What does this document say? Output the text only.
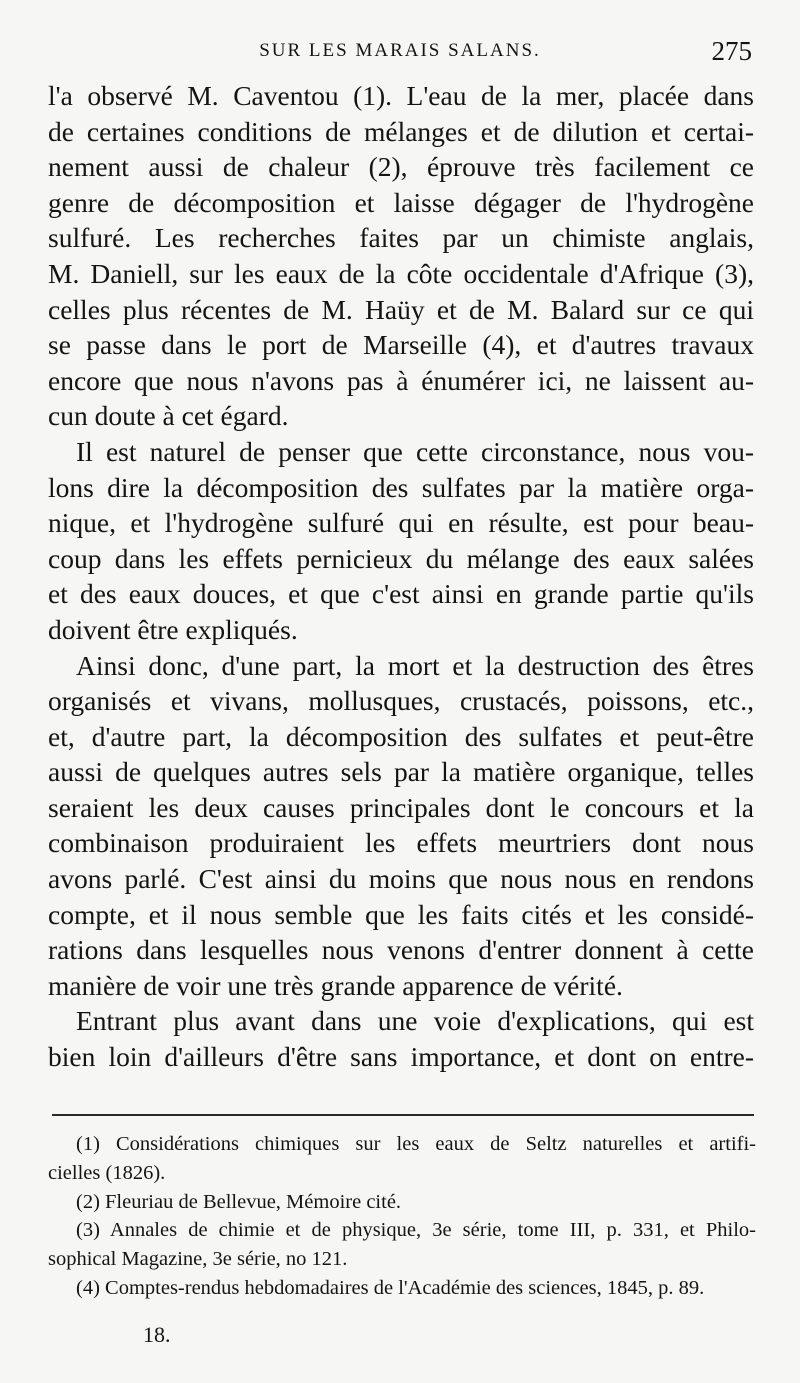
SUR LES MARAIS SALANS.	275
l'a observé M. Caventou (1). L'eau de la mer, placée dans
de certaines conditions de mélanges et de dilution et certai-
nement aussi de chaleur (2), éprouve très facilement ce
genre de décomposition et laisse dégager de l'hydrogène
sulfuré. Les recherches faites par un chimiste anglais,
M. Daniell, sur les eaux de la côte occidentale d'Afrique (3),
celles plus récentes de M. Haüy et de M. Balard sur ce qui
se passe dans le port de Marseille (4), et d'autres travaux
encore que nous n'avons pas à énumérer ici, ne laissent au-
cun doute à cet égard.
Il est naturel de penser que cette circonstance, nous vou-
lons dire la décomposition des sulfates par la matière orga-
nique, et l'hydrogène sulfuré qui en résulte, est pour beau-
coup dans les effets pernicieux du mélange des eaux salées
et des eaux douces, et que c'est ainsi en grande partie qu'ils
doivent être expliqués.
Ainsi donc, d'une part, la mort et la destruction des êtres
organisés et vivans, mollusques, crustacés, poissons, etc.,
et, d'autre part, la décomposition des sulfates et peut-être
aussi de quelques autres sels par la matière organique, telles
seraient les deux causes principales dont le concours et la
combinaison produiraient les effets meurtriers dont nous
avons parlé. C'est ainsi du moins que nous nous en rendons
compte, et il nous semble que les faits cités et les considé-
rations dans lesquelles nous venons d'entrer donnent à cette
manière de voir une très grande apparence de vérité.
Entrant plus avant dans une voie d'explications, qui est
bien loin d'ailleurs d'être sans importance, et dont on entre-
(1) Considérations chimiques sur les eaux de Seltz naturelles et artifi-
cielles (1826).
(2) Fleuriau de Bellevue, Mémoire cité.
(3) Annales de chimie et de physique, 3e série, tome III, p. 331, et Philo-
sophical Magazine, 3e série, no 121.
(4) Comptes-rendus hebdomadaires de l'Académie des sciences, 1845, p. 89.
18.
